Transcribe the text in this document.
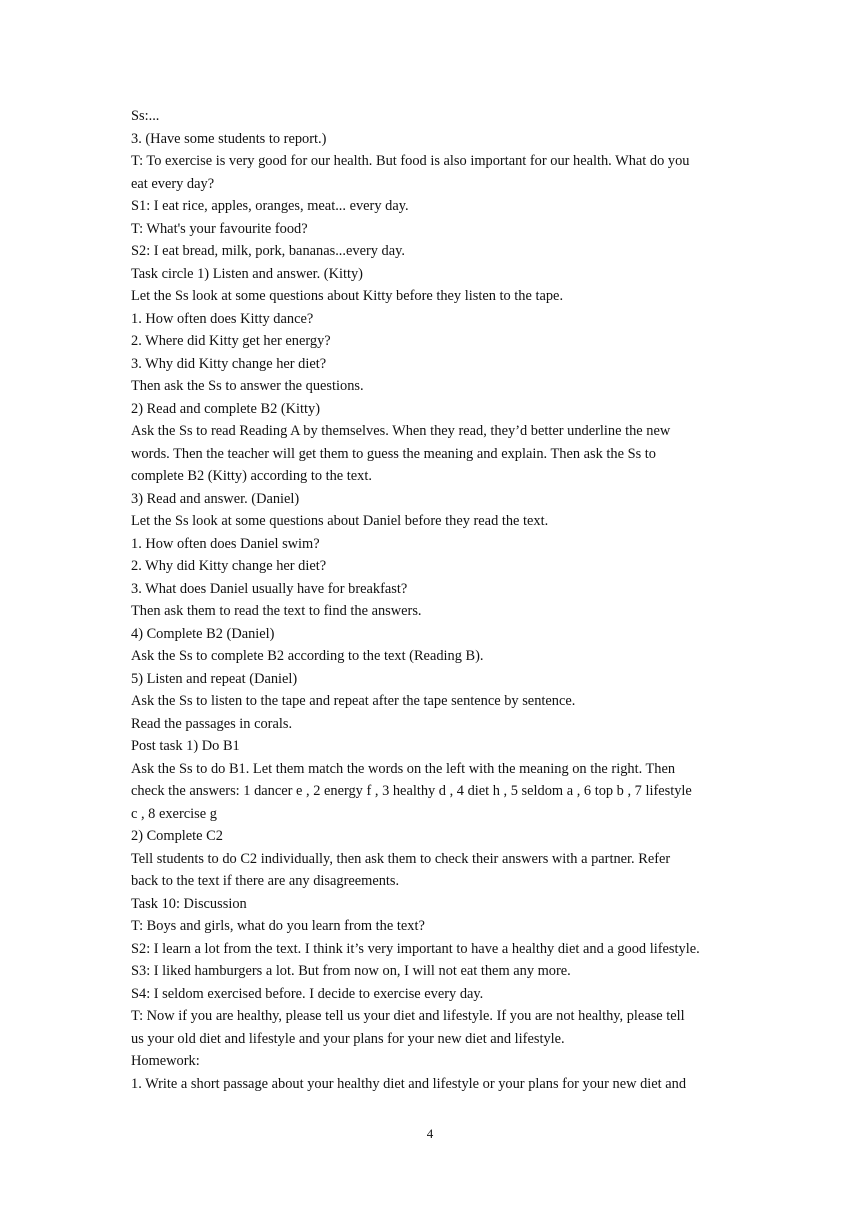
Ss:...
3. (Have some students to report.)
T: To exercise is very good for our health. But food is also important for our health. What do you
eat every day?
S1: I eat rice, apples, oranges, meat... every day.
T: What's your favourite food?
S2: I eat bread, milk, pork, bananas...every day.
Task circle 1) Listen and answer. (Kitty)
Let the Ss look at some questions about Kitty before they listen to the tape.
1. How often does Kitty dance?
2. Where did Kitty get her energy?
3. Why did Kitty change her diet?
Then ask the Ss to answer the questions.
2) Read and complete B2 (Kitty)
Ask the Ss to read Reading A by themselves. When they read, they’d better underline the new
words. Then the teacher will get them to guess the meaning and explain. Then ask the Ss to
complete B2 (Kitty) according to the text.
3) Read and answer. (Daniel)
Let the Ss look at some questions about Daniel before they read the text.
1. How often does Daniel swim?
2. Why did Kitty change her diet?
3. What does Daniel usually have for breakfast?
Then ask them to read the text to find the answers.
4) Complete B2 (Daniel)
Ask the Ss to complete B2 according to the text (Reading B).
5) Listen and repeat (Daniel)
Ask the Ss to listen to the tape and repeat after the tape sentence by sentence.
Read the passages in corals.
Post task 1) Do B1
Ask the Ss to do B1. Let them match the words on the left with the meaning on the right. Then
check the answers: 1 dancer e , 2 energy f , 3 healthy d , 4 diet h , 5 seldom a , 6 top b , 7 lifestyle
c , 8 exercise g
2) Complete C2
Tell students to do C2 individually, then ask them to check their answers with a partner. Refer
back to the text if there are any disagreements.
Task 10: Discussion
T: Boys and girls, what do you learn from the text?
S2: I learn a lot from the text. I think it’s very important to have a healthy diet and a good lifestyle.
S3: I liked hamburgers a lot. But from now on, I will not eat them any more.
S4: I seldom exercised before. I decide to exercise every day.
T: Now if you are healthy, please tell us your diet and lifestyle. If you are not healthy, please tell
us your old diet and lifestyle and your plans for your new diet and lifestyle.
Homework:
1. Write a short passage about your healthy diet and lifestyle or your plans for your new diet and
4
